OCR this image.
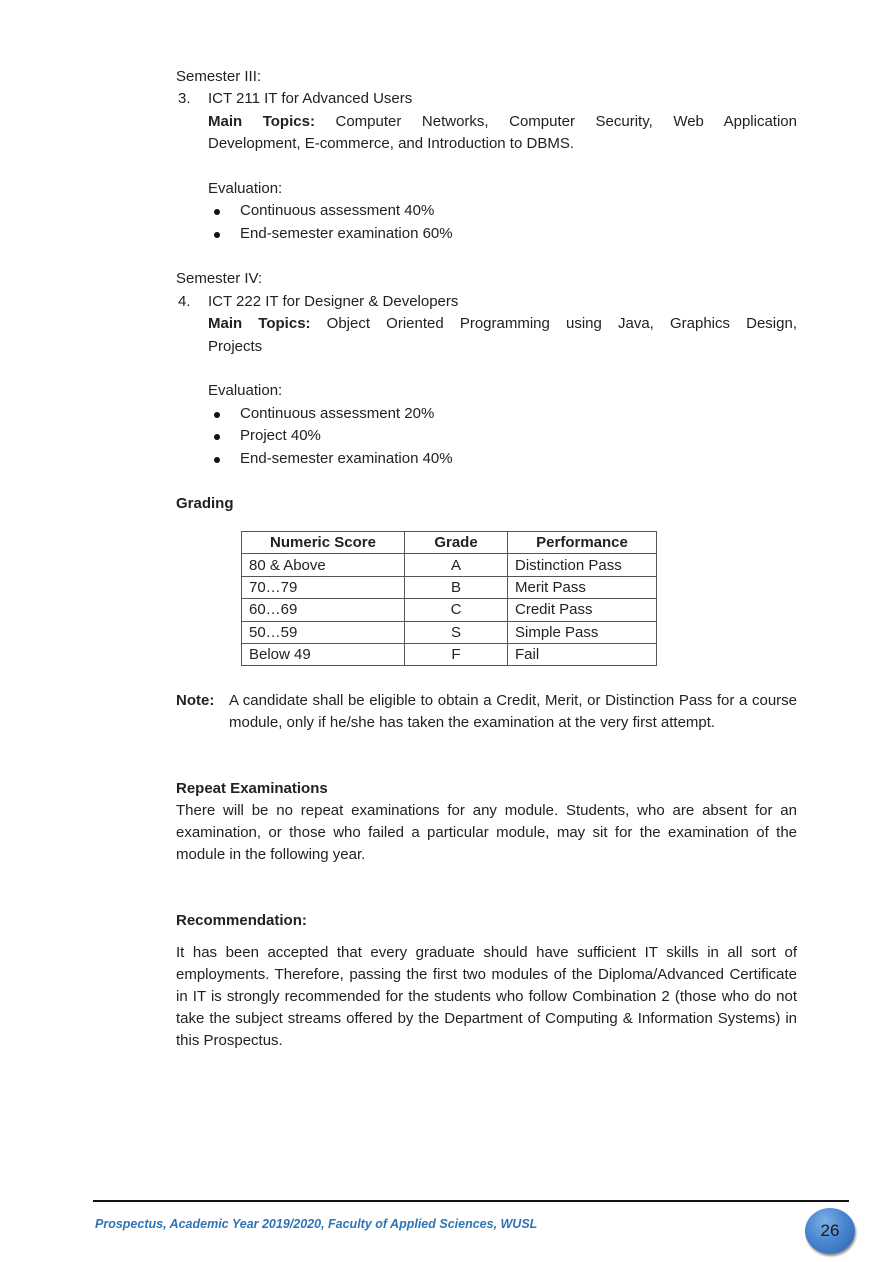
Semester III:
3. ICT 211 IT for Advanced Users
Main Topics: Computer Networks, Computer Security, Web Application
Development, E-commerce, and Introduction to DBMS.
Evaluation:
Continuous assessment 40%
End-semester examination 60%
Semester IV:
4. ICT 222 IT for Designer & Developers
Main Topics: Object Oriented Programming using Java, Graphics Design,
Projects
Evaluation:
Continuous assessment 20%
Project 40%
End-semester examination 40%
Grading
Numeric Score	Grade	Performance
80 & Above	A	Distinction Pass
70…79	B	Merit Pass
60…69	C	Credit Pass
50…59	S	Simple Pass
Below 49	F	Fail
Note: A candidate shall be eligible to obtain a Credit, Merit, or Distinction Pass for a course module, only if he/she has taken the examination at the very first attempt.
Repeat Examinations
There will be no repeat examinations for any module. Students, who are absent for an examination, or those who failed a particular module, may sit for the examination of the module in the following year.
Recommendation:

It has been accepted that every graduate should have sufficient IT skills in all sort of employments. Therefore, passing the first two modules of the Diploma/Advanced Certificate in IT is strongly recommended for the students who follow Combination 2 (those who do not take the subject streams offered by the Department of Computing & Information Systems) in this Prospectus.

Prospectus, Academic Year 2019/2020, Faculty of Applied Sciences, WUSL	26
